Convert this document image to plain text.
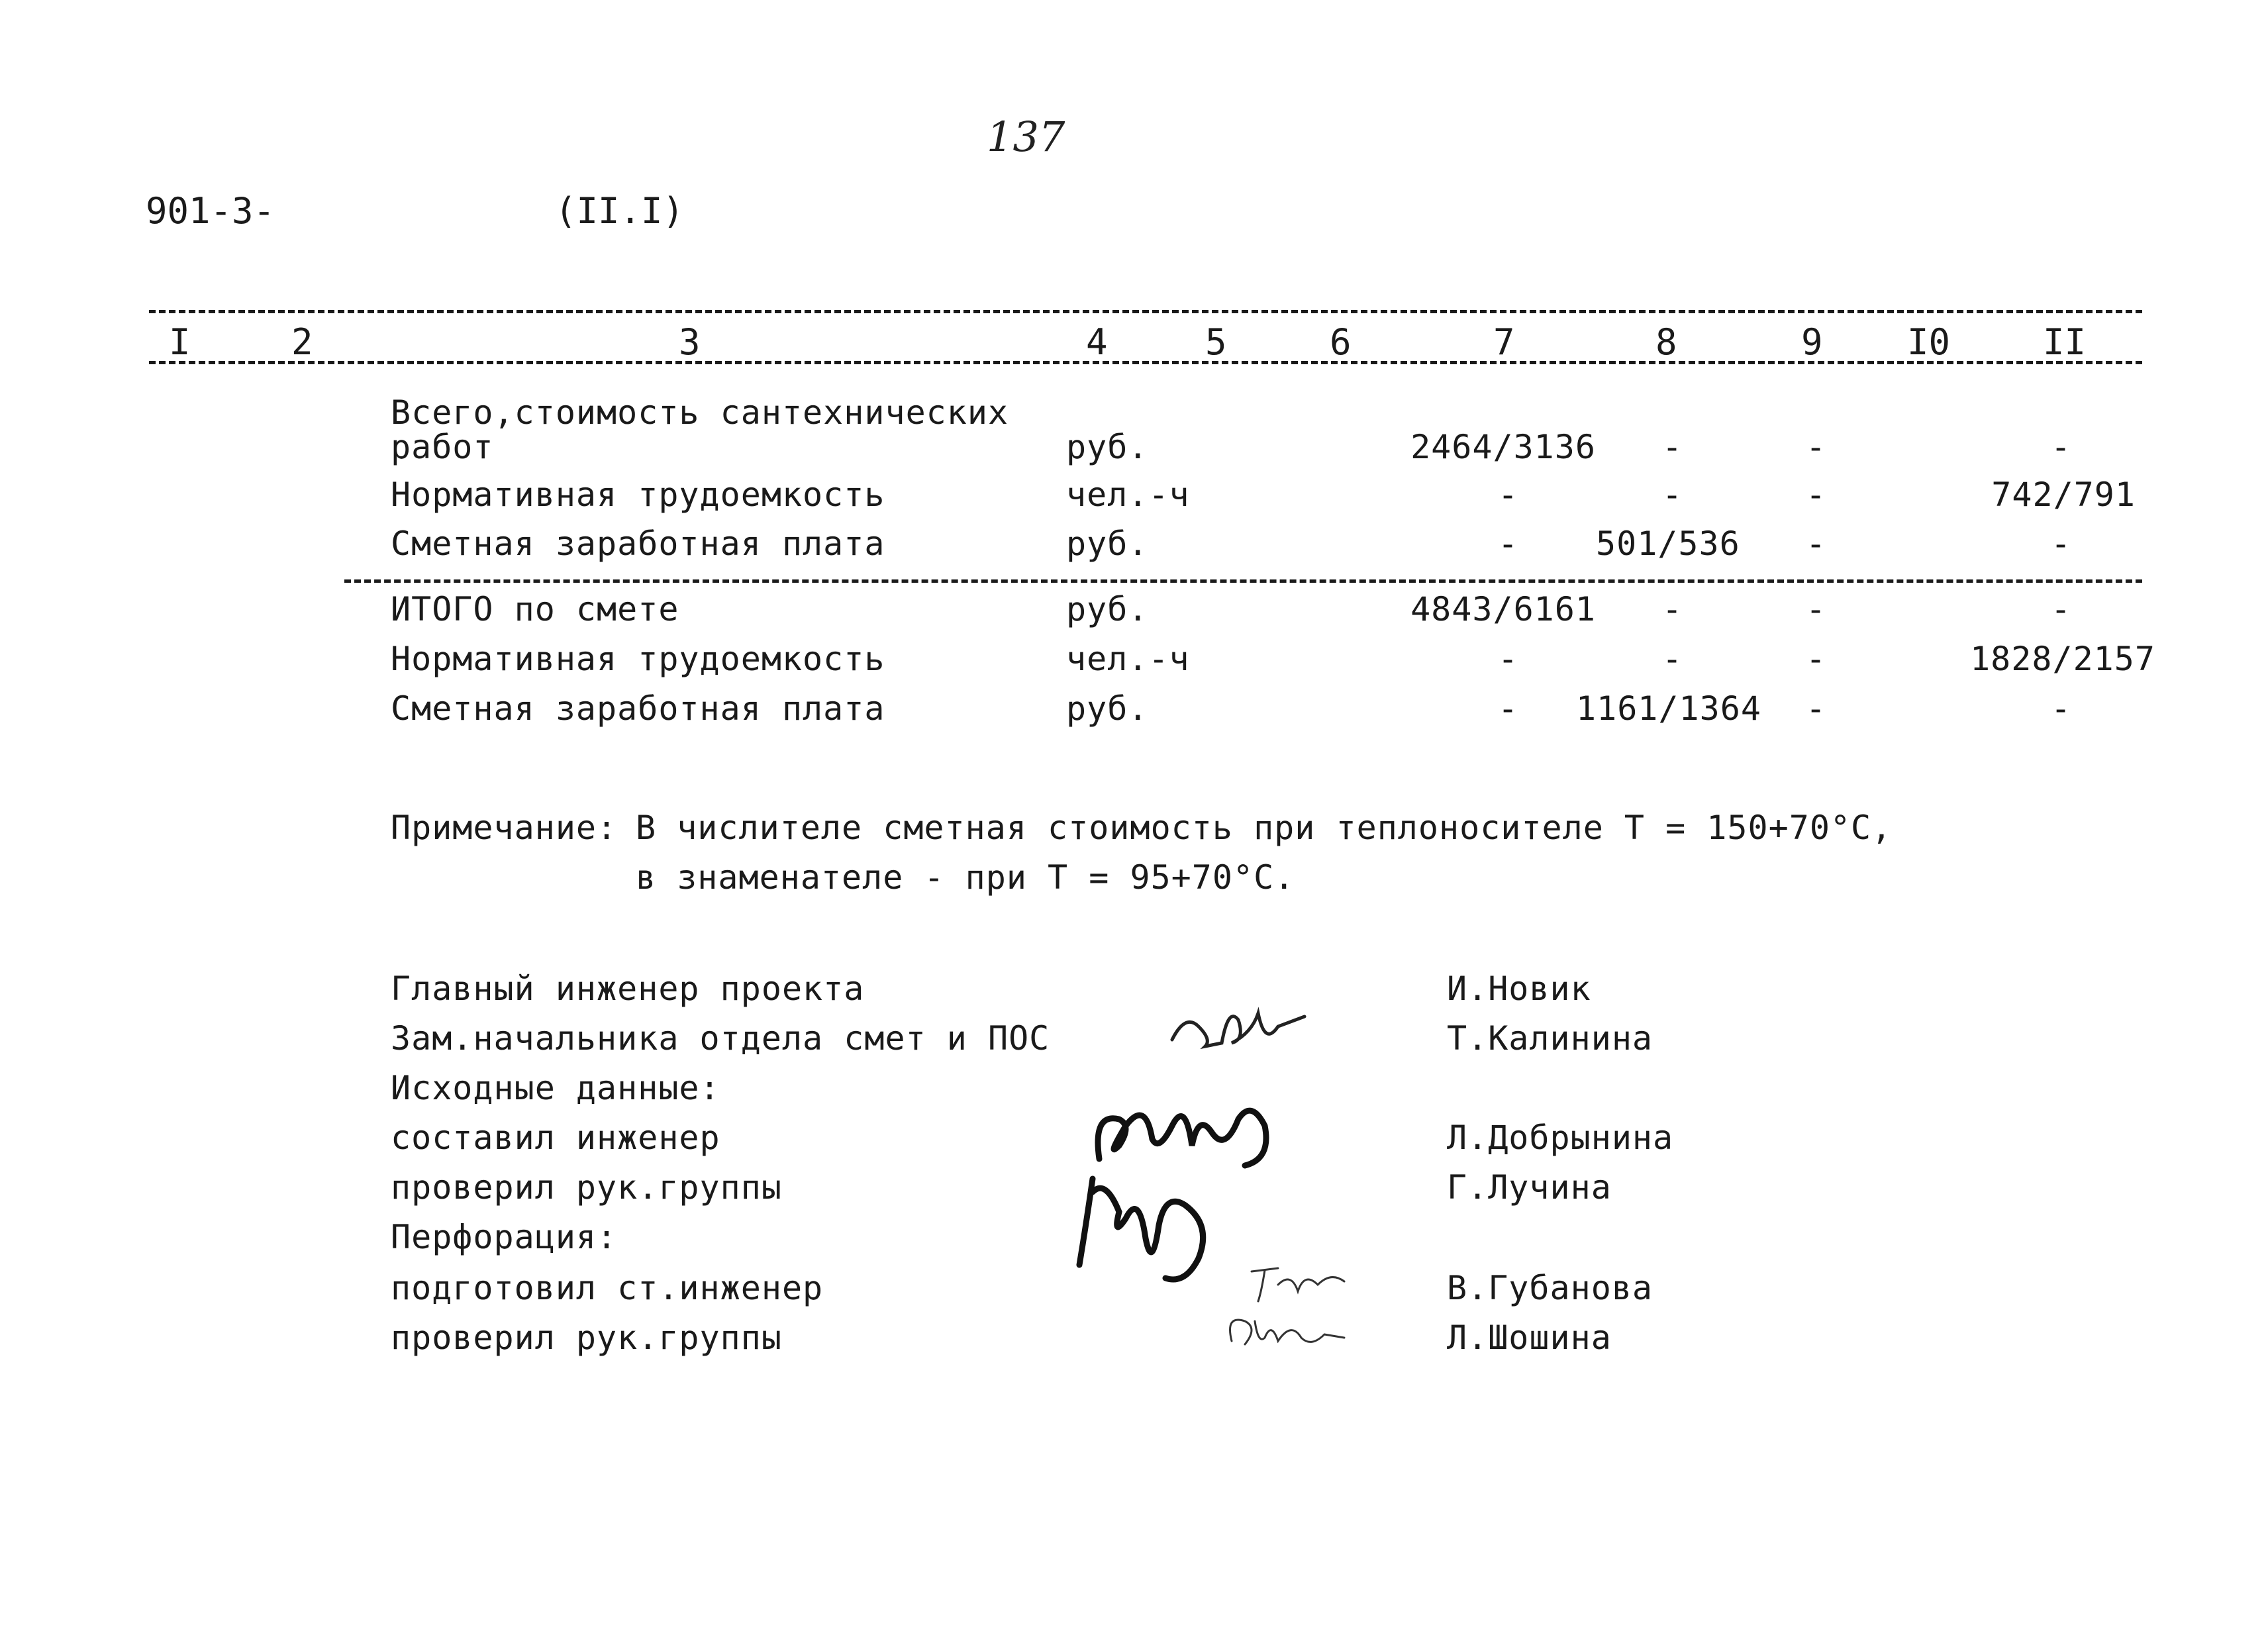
137
901-3-	(II.I)
I	2	3	4	5	6	7	8	9 I0	II
Всего,стоимость сантехнических
работ	руб.	2464/3136 -	-	-
Нормативная трудоемкость	чел.-ч	-	-	-	742/791
Сметная заработная плата	руб.	- 501/536 -	-
ИТОГО по смете	руб.	4843/6161 -	-	-
Нормативная трудоемкость	чел.-ч	-	-	-	1828/2157
Сметная заработная плата	руб.	- 1161/1364 -	-
Примечание: В числителе сметная стоимость при теплоносителе Т = 150+70°С,
в знаменателе - при Т = 95+70°С.
Главный инженер проекта	И.Новик
Зам.начальника отдела смет и ПОС	Т.Калинина
Исходные данные:
составил инженер	Л.Добрынина
проверил рук.группы	Г.Лучина
Перфорация:
подготовил ст.инженер	В.Губанова
проверил рук.группы	Л.Шошина
